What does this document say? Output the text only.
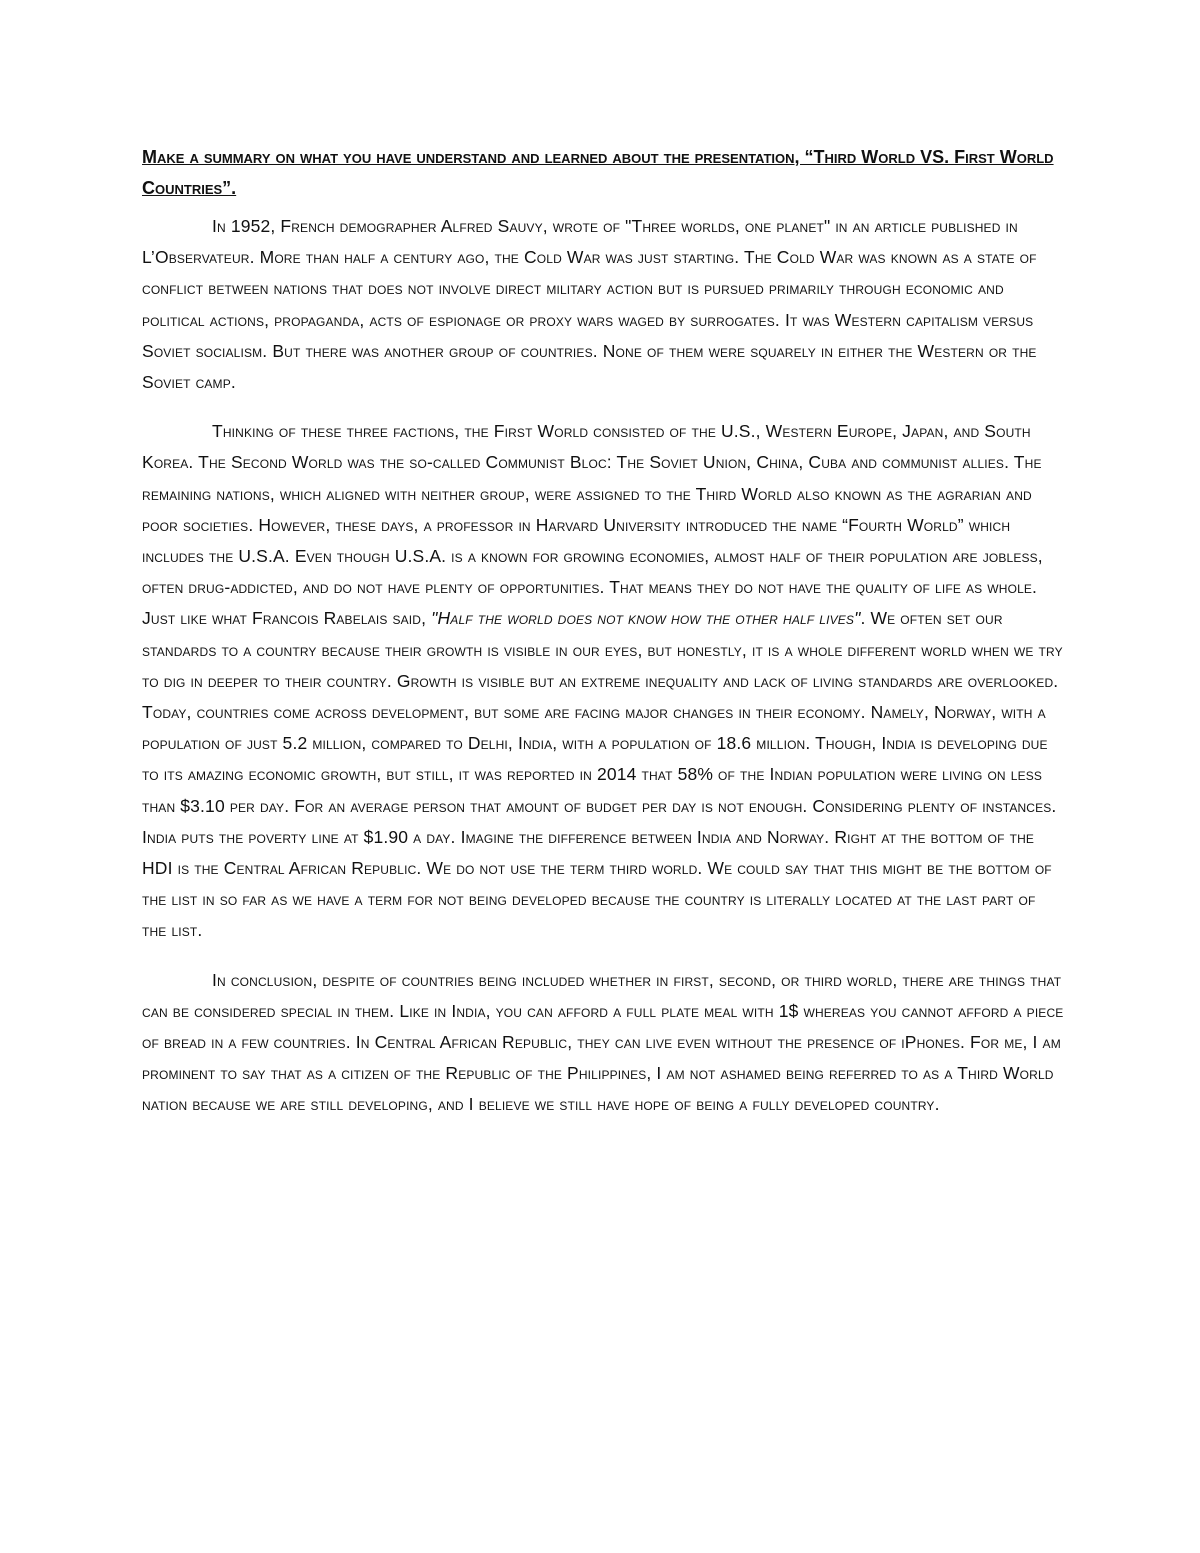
Make a summary on what you have understand and learned about the presentation, “Third World VS. First World Countries”.

In 1952, French demographer Alfred Sauvy, wrote of "Three worlds, one planet" in an article published in L’Observateur. More than half a century ago, the Cold War was just starting. The Cold War was known as a state of conflict between nations that does not involve direct military action but is pursued primarily through economic and political actions, propaganda, acts of espionage or proxy wars waged by surrogates. It was Western capitalism versus Soviet socialism. But there was another group of countries. None of them were squarely in either the Western or the Soviet camp.

Thinking of these three factions, the First World consisted of the U.S., Western Europe, Japan, and South Korea. The Second World was the so-called Communist Bloc: The Soviet Union, China, Cuba and communist allies. The remaining nations, which aligned with neither group, were assigned to the Third World also known as the agrarian and poor societies. However, these days, a professor in Harvard University introduced the name “Fourth World” which includes the U.S.A. Even though U.S.A. is a known for growing economies, almost half of their population are jobless, often drug-addicted, and do not have plenty of opportunities. That means they do not have the quality of life as whole. Just like what Francois Rabelais said, "Half the world does not know how the other half lives". We often set our standards to a country because their growth is visible in our eyes, but honestly, it is a whole different world when we try to dig in deeper to their country. Growth is visible but an extreme inequality and lack of living standards are overlooked. Today, countries come across development, but some are facing major changes in their economy. Namely, Norway, with a population of just 5.2 million, compared to Delhi, India, with a population of 18.6 million. Though, India is developing due to its amazing economic growth, but still, it was reported in 2014 that 58% of the Indian population were living on less than $3.10 per day. For an average person that amount of budget per day is not enough. Considering plenty of instances. India puts the poverty line at $1.90 a day. Imagine the difference between India and Norway. Right at the bottom of the HDI is the Central African Republic. We do not use the term third world. We could say that this might be the bottom of the list in so far as we have a term for not being developed because the country is literally located at the last part of the list.

In conclusion, despite of countries being included whether in first, second, or third world, there are things that can be considered special in them. Like in India, you can afford a full plate meal with 1$ whereas you cannot afford a piece of bread in a few countries. In Central African Republic, they can live even without the presence of iPhones. For me, I am prominent to say that as a citizen of the Republic of the Philippines, I am not ashamed being referred to as a Third World nation because we are still developing, and I believe we still have hope of being a fully developed country.
